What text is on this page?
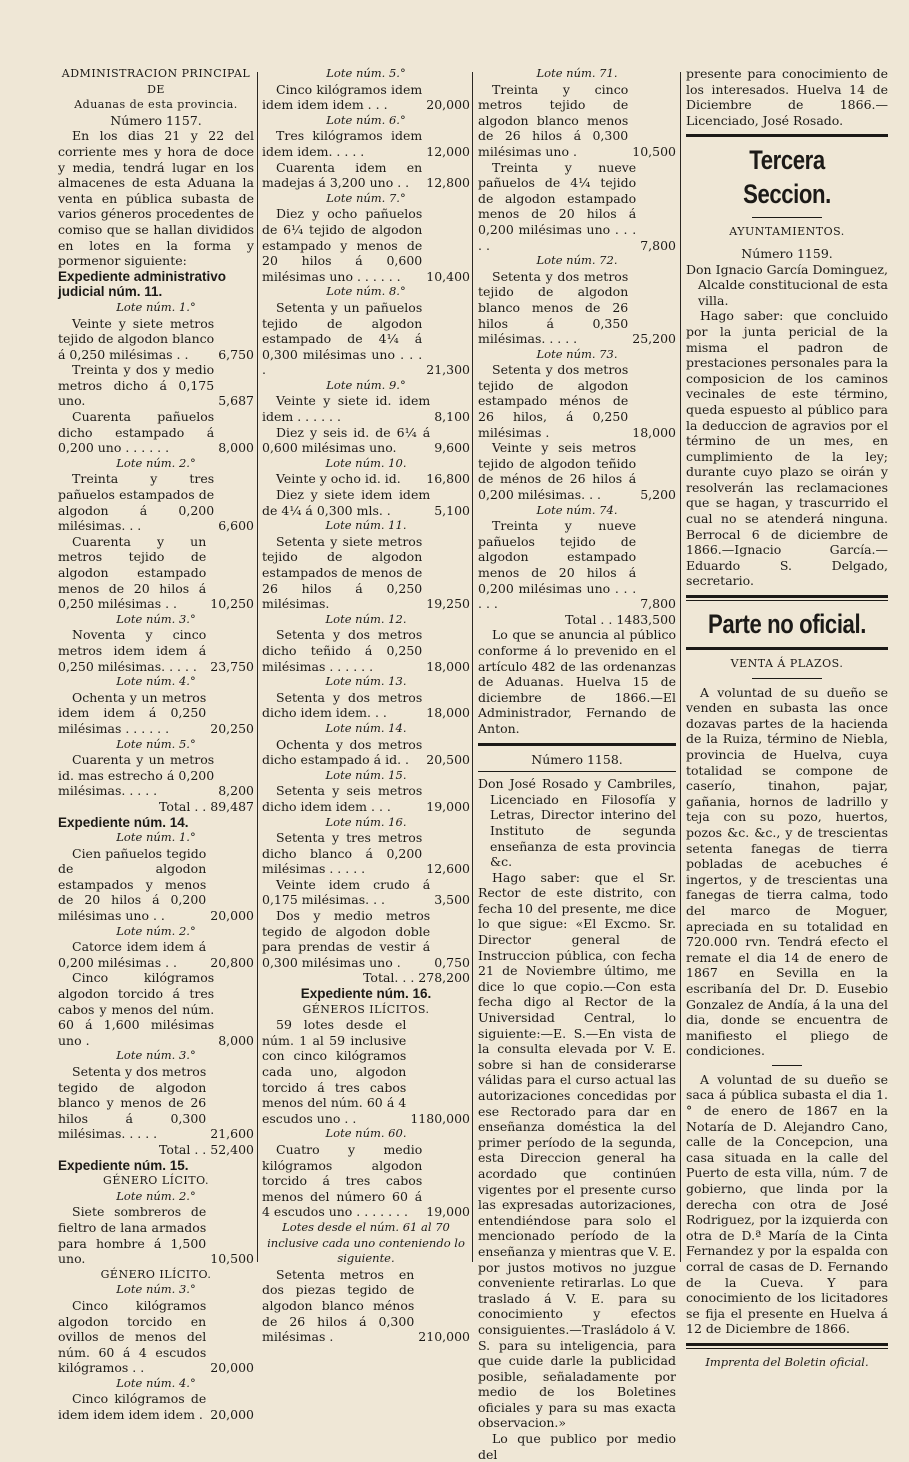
ADMINISTRACION PRINCIPAL DE
Aduanas de esta provincia.
Número 1157.
En los dias 21 y 22 del corriente mes y hora de doce y media, tendrá lugar en los almacenes de esta Aduana la venta en pública subasta de varios géneros procedentes de comiso que se hallan divididos en lotes en la forma y pormenor siguiente:
Expediente administrativo judicial núm. 11.
Lote núm. 1.°
Veinte y siete metros tejido de algodon blanco á 0,250 milésimas . .	6,750
Treinta y dos y medio metros dicho á 0,175 uno.	5,687
Cuarenta pañuelos dicho estampado á 0,200 uno . . . . . .	8,000
Lote núm. 2.°
Treinta y tres pañuelos estampados de algodon á 0,200 milésimas. . .	6,600
Cuarenta y un metros tejido de algodon estampado menos de 20 hilos á 0,250 milésimas . .	10,250
Lote núm. 3.°
Noventa y cinco metros idem idem á 0,250 milésimas. . . . .	23,750
Lote núm. 4.°
Ochenta y un metros idem idem á 0,250 milésimas . . . . . .	20,250
Lote núm. 5.°
Cuarenta y un metros id. mas estrecho á 0,200 milésimas. . . . .	8,200
Total . . 89,487
Expediente núm. 14.
Lote núm. 1.°
Cien pañuelos tegido de algodon estampados y menos de 20 hilos á 0,200 milésimas uno . .	20,000
Lote núm. 2.°
Catorce idem idem á 0,200 milésimas . .	20,800
Cinco kilógramos algodon torcido á tres cabos y menos del núm. 60 á 1,600 milésimas uno .	8,000
Lote núm. 3.°
Setenta y dos metros tegido de algodon blanco y menos de 26 hilos á 0,300 milésimas. . . . .	21,600
Total . . 52,400
Expediente núm. 15.
GÉNERO LÍCITO.
Lote núm. 2.°
Siete sombreros de fieltro de lana armados para hombre á 1,500 uno.	10,500
GÉNERO ILÍCITO.
Lote núm. 3.°
Cinco kilógramos algodon torcido en ovillos de menos del núm. 60 á 4 escudos kilógramos . .	20,000
Lote núm. 4.°
Cinco kilógramos de idem idem idem idem . 20,000
Lote núm. 5.°
Cinco kilógramos idem idem idem idem . . .	20,000
Lote núm. 6.°
Tres kilógramos idem idem idem. . . . .	12,000
Cuarenta idem en madejas á 3,200 uno . .	12,800
Lote núm. 7.°
Diez y ocho pañuelos de 6¼ tejido de algodon estampado y menos de 20 hilos á 0,600 milésimas uno . . . . . .	10,400
Lote núm. 8.°
Setenta y un pañuelos tejido de algodon estampado de 4¼ á 0,300 milésimas uno . . . .	21,300
Lote núm. 9.°
Veinte y siete id. idem idem . . . . . .	8,100
Diez y seis id. de 6¼ á 0,600 milésimas uno.	9,600
Lote núm. 10.
Veinte y ocho id. id.	16,800
Diez y siete idem idem de 4¼ á 0,300 mls. .	5,100
Lote núm. 11.
Setenta y siete metros tejido de algodon estampados de menos de 26 hilos á 0,250 milésimas.	19,250
Lote núm. 12.
Setenta y dos metros dicho teñido á 0,250 milésimas . . . . . .	18,000
Lote núm. 13.
Setenta y dos metros dicho idem idem. . .	18,000
Lote núm. 14.
Ochenta y dos metros dicho estampado á id. .	20,500
Lote núm. 15.
Setenta y seis metros dicho idem idem . . .	19,000
Lote núm. 16.
Setenta y tres metros dicho blanco á 0,200 milésimas . . . . .	12,600
Veinte idem crudo á 0,175 milésimas. . .	3,500
Dos y medio metros tegido de algodon doble para prendas de vestir á 0,300 milésimas uno .	0,750
Total. . . 278,200
Expediente núm. 16.
GÉNEROS ILÍCITOS.
59 lotes desde el núm. 1 al 59 inclusive con cinco kilógramos cada uno, algodon torcido á tres cabos menos del núm. 60 á 4 escudos uno . .	1180,000
Lote núm. 60.
Cuatro y medio kilógramos algodon torcido á tres cabos menos del número 60 á 4 escudos uno . . . . . . .	19,000
Lotes desde el núm. 61 al 70 inclusive cada uno conteniendo lo siguiente.
Setenta metros en dos piezas tegido de algodon blanco ménos de 26 hilos á 0,300 milésimas .	210,000
Lote núm. 71.
Treinta y cinco metros tejido de algodon blanco menos de 26 hilos á 0,300 milésimas uno .	10,500
Treinta y nueve pañuelos de 4¼ tejido de algodon estampado menos de 20 hilos á 0,200 milésimas uno . . . . .	7,800
Lote núm. 72.
Setenta y dos metros tejido de algodon blanco menos de 26 hilos á 0,350 milésimas. . . . .	25,200
Lote núm. 73.
Setenta y dos metros tejido de algodon estampado ménos de 26 hilos, á 0,250 milésimas .	18,000
Veinte y seis metros tejido de algodon teñido de ménos de 26 hilos á 0,200 milésimas. . .	5,200
Lote núm. 74.
Treinta y nueve pañuelos tejido de algodon estampado menos de 20 hilos á 0,200 milésimas uno . . . . . .	7,800
Total . . 1483,500
Lo que se anuncia al público conforme á lo prevenido en el artículo 482 de las ordenanzas de Aduanas. Huelva 15 de diciembre de 1866.—El Administrador, Fernando de Anton.
Número 1158.
Don José Rosado y Cambriles, Licenciado en Filosofía y Letras, Director interino del Instituto de segunda enseñanza de esta provincia &c.
Hago saber: que el Sr. Rector de este distrito, con fecha 10 del presente, me dice lo que sigue: «El Excmo. Sr. Director general de Instruccion pública, con fecha 21 de Noviembre último, me dice lo que copio.—Con esta fecha digo al Rector de la Universidad Central, lo siguiente:—E. S.—En vista de la consulta elevada por V. E. sobre si han de considerarse válidas para el curso actual las autorizaciones concedidas por ese Rectorado para dar en enseñanza doméstica la del primer período de la segunda, esta Direccion general ha acordado que continúen vigentes por el presente curso las expresadas autorizaciones, entendiéndose para solo el mencionado período de la enseñanza y mientras que V. E. por justos motivos no juzgue conveniente retirarlas. Lo que traslado á V. E. para su conocimiento y efectos consiguientes.—Trasládolo á V. S. para su inteligencia, para que cuide darle la publicidad posible, señaladamente por medio de los Boletines oficiales y para su mas exacta observacion.»
Lo que publico por medio del
presente para conocimiento de los interesados. Huelva 14 de Diciembre de 1866.—Licenciado, José Rosado.
Tercera Seccion.
AYUNTAMIENTOS.
Número 1159.
Don Ignacio García Dominguez, Alcalde constitucional de esta villa.
Hago saber: que concluido por la junta pericial de la misma el padron de prestaciones personales para la composicion de los caminos vecinales de este término, queda espuesto al público para la deduccion de agravios por el término de un mes, en cumplimiento de la ley; durante cuyo plazo se oirán y resolverán las reclamaciones que se hagan, y trascurrido el cual no se atenderá ninguna. Berrocal 6 de diciembre de 1866.—Ignacio García.—Eduardo S. Delgado, secretario.
Parte no oficial.
VENTA Á PLAZOS.
A voluntad de su dueño se venden en subasta las once dozavas partes de la hacienda de la Ruiza, término de Niebla, provincia de Huelva, cuya totalidad se compone de caserío, tinahon, pajar, gañania, hornos de ladrillo y teja con su pozo, huertos, pozos &c. &c., y de trescientas setenta fanegas de tierra pobladas de acebuches é ingertos, y de trescientas una fanegas de tierra calma, todo del marco de Moguer, apreciada en su totalidad en 720.000 rvn. Tendrá efecto el remate el dia 14 de enero de 1867 en Sevilla en la escribanía del Dr. D. Eusebio Gonzalez de Andía, á la una del dia, donde se encuentra de manifiesto el pliego de condiciones.
A voluntad de su dueño se saca á pública subasta el dia 1.° de enero de 1867 en la Notaría de D. Alejandro Cano, calle de la Concepcion, una casa situada en la calle del Puerto de esta villa, núm. 7 de gobierno, que linda por la derecha con otra de José Rodriguez, por la izquierda con otra de D.ª María de la Cinta Fernandez y por la espalda con corral de casas de D. Fernando de la Cueva. Y para conocimiento de los licitadores se fija el presente en Huelva á 12 de Diciembre de 1866.
Imprenta del Boletin oficial.
